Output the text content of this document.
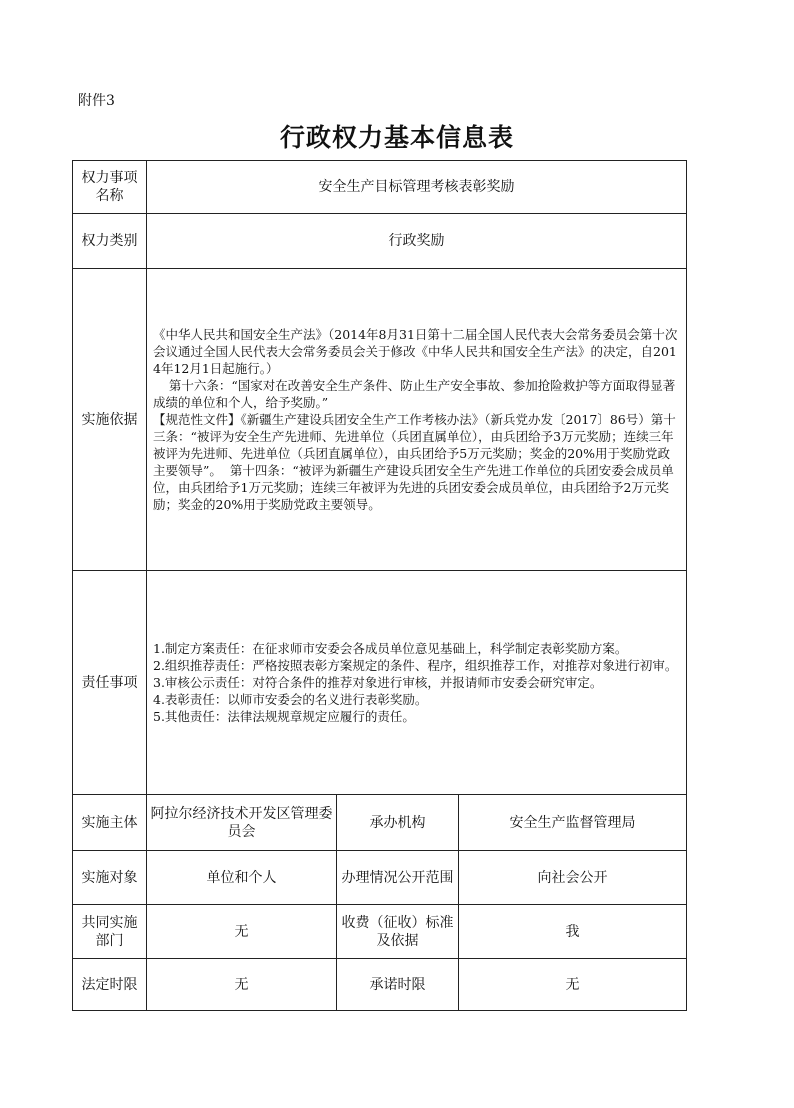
附件3
行政权力基本信息表
权力事项名称	安全生产目标管理考核表彰奖励		
权力类别	行政奖励		
实施依据	《中华人民共和国安全生产法》（2014年8月31日第十二届全国人民代表大会常务委员会第十次会议通过全国人民代表大会常务委员会关于修改《中华人民共和国安全生产法》的决定，自2014年12月1日起施行。）
第十六条：“国家对在改善安全生产条件、防止生产安全事故、参加抢险救护等方面取得显著成绩的单位和个人，给予奖励。”
【规范性文件】《新疆生产建设兵团安全生产工作考核办法》（新兵党办发〔2017〕86号）第十三条：“被评为安全生产先进师、先进单位（兵团直属单位），由兵团给予3万元奖励；连续三年被评为先进师、先进单位（兵团直属单位），由兵团给予5万元奖励；奖金的20%用于奖励党政主要领导”。  第十四条：“被评为新疆生产建设兵团安全生产先进工作单位的兵团安委会成员单位，由兵团给予1万元奖励；连续三年被评为先进的兵团安委会成员单位，由兵团给予2万元奖励；奖金的20%用于奖励党政主要领导。		

责任事项	1.制定方案责任：在征求师市安委会各成员单位意见基础上，科学制定表彰奖励方案。
2.组织推荐责任：严格按照表彰方案规定的条件、程序，组织推荐工作，对推荐对象进行初审。
3.审核公示责任：对符合条件的推荐对象进行审核，并报请师市安委会研究审定。
4.表彰责任：以师市安委会的名义进行表彰奖励。
5.其他责任：法律法规规章规定应履行的责任。		

实施主体	阿拉尔经济技术开发区管理委员会	承办机构	安全生产监督管理局
实施对象	单位和个人	办理情况公开范围	向社会公开
共同实施部门	无	收费（征收）标准及依据	我
法定时限	无	承诺时限	无
